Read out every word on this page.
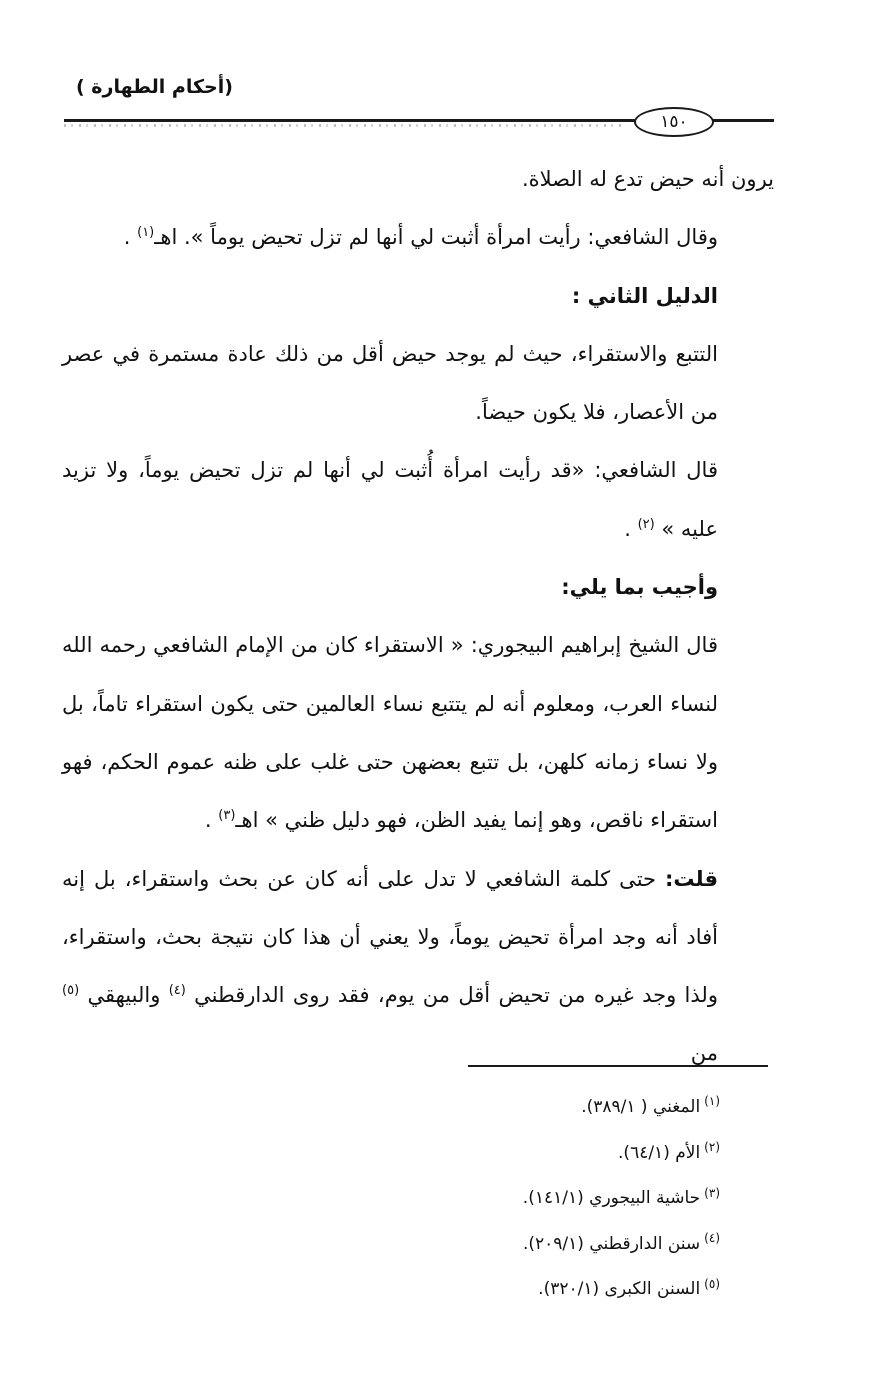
(أحكام الطهارة )
١٥٠

يرون أنه حيض تدع له الصلاة.

وقال الشافعي: رأيت امرأة أثبت لي أنها لم تزل تحيض يوماً ». اهـ$^{(١)}$ .

الدليل الثاني :

التتبع والاستقراء، حيث لم يوجد حيض أقل من ذلك عادة مستمرة في عصر من الأعصار، فلا يكون حيضاً.

قال الشافعي: «قد رأيت امرأة أُثبت لي أنها لم تزل تحيض يوماً، ولا تزيد عليه » $^{(٢)}$ .

وأجيب بما يلي:

قال الشيخ إبراهيم البيجوري: « الاستقراء كان من الإمام الشافعي رحمه الله لنساء العرب، ومعلوم أنه لم يتتبع نساء العالمين حتى يكون استقراء تاماً، بل ولا نساء زمانه كلهن، بل تتبع بعضهن حتى غلب على ظنه عموم الحكم، فهو استقراء ناقص، وهو إنما يفيد الظن، فهو دليل ظني » اهـ$^{(٣)}$ .

قلت: حتى كلمة الشافعي لا تدل على أنه كان عن بحث واستقراء، بل إنه أفاد أنه وجد امرأة تحيض يوماً، ولا يعني أن هذا كان نتيجة بحث، واستقراء، ولذا وجد غيره من تحيض أقل من يوم، فقد روى الدارقطني $^{(٤)}$ والبيهقي $^{(٥)}$ من

$^{(١)}$المغني ( ٣٨٩/١).
$^{(٢)}$الأم (٦٤/١).
$^{(٣)}$حاشية البيجوري (١٤١/١).
$^{(٤)}$سنن الدارقطني (٢٠٩/١).
$^{(٥)}$السنن الكبرى (٣٢٠/١).
